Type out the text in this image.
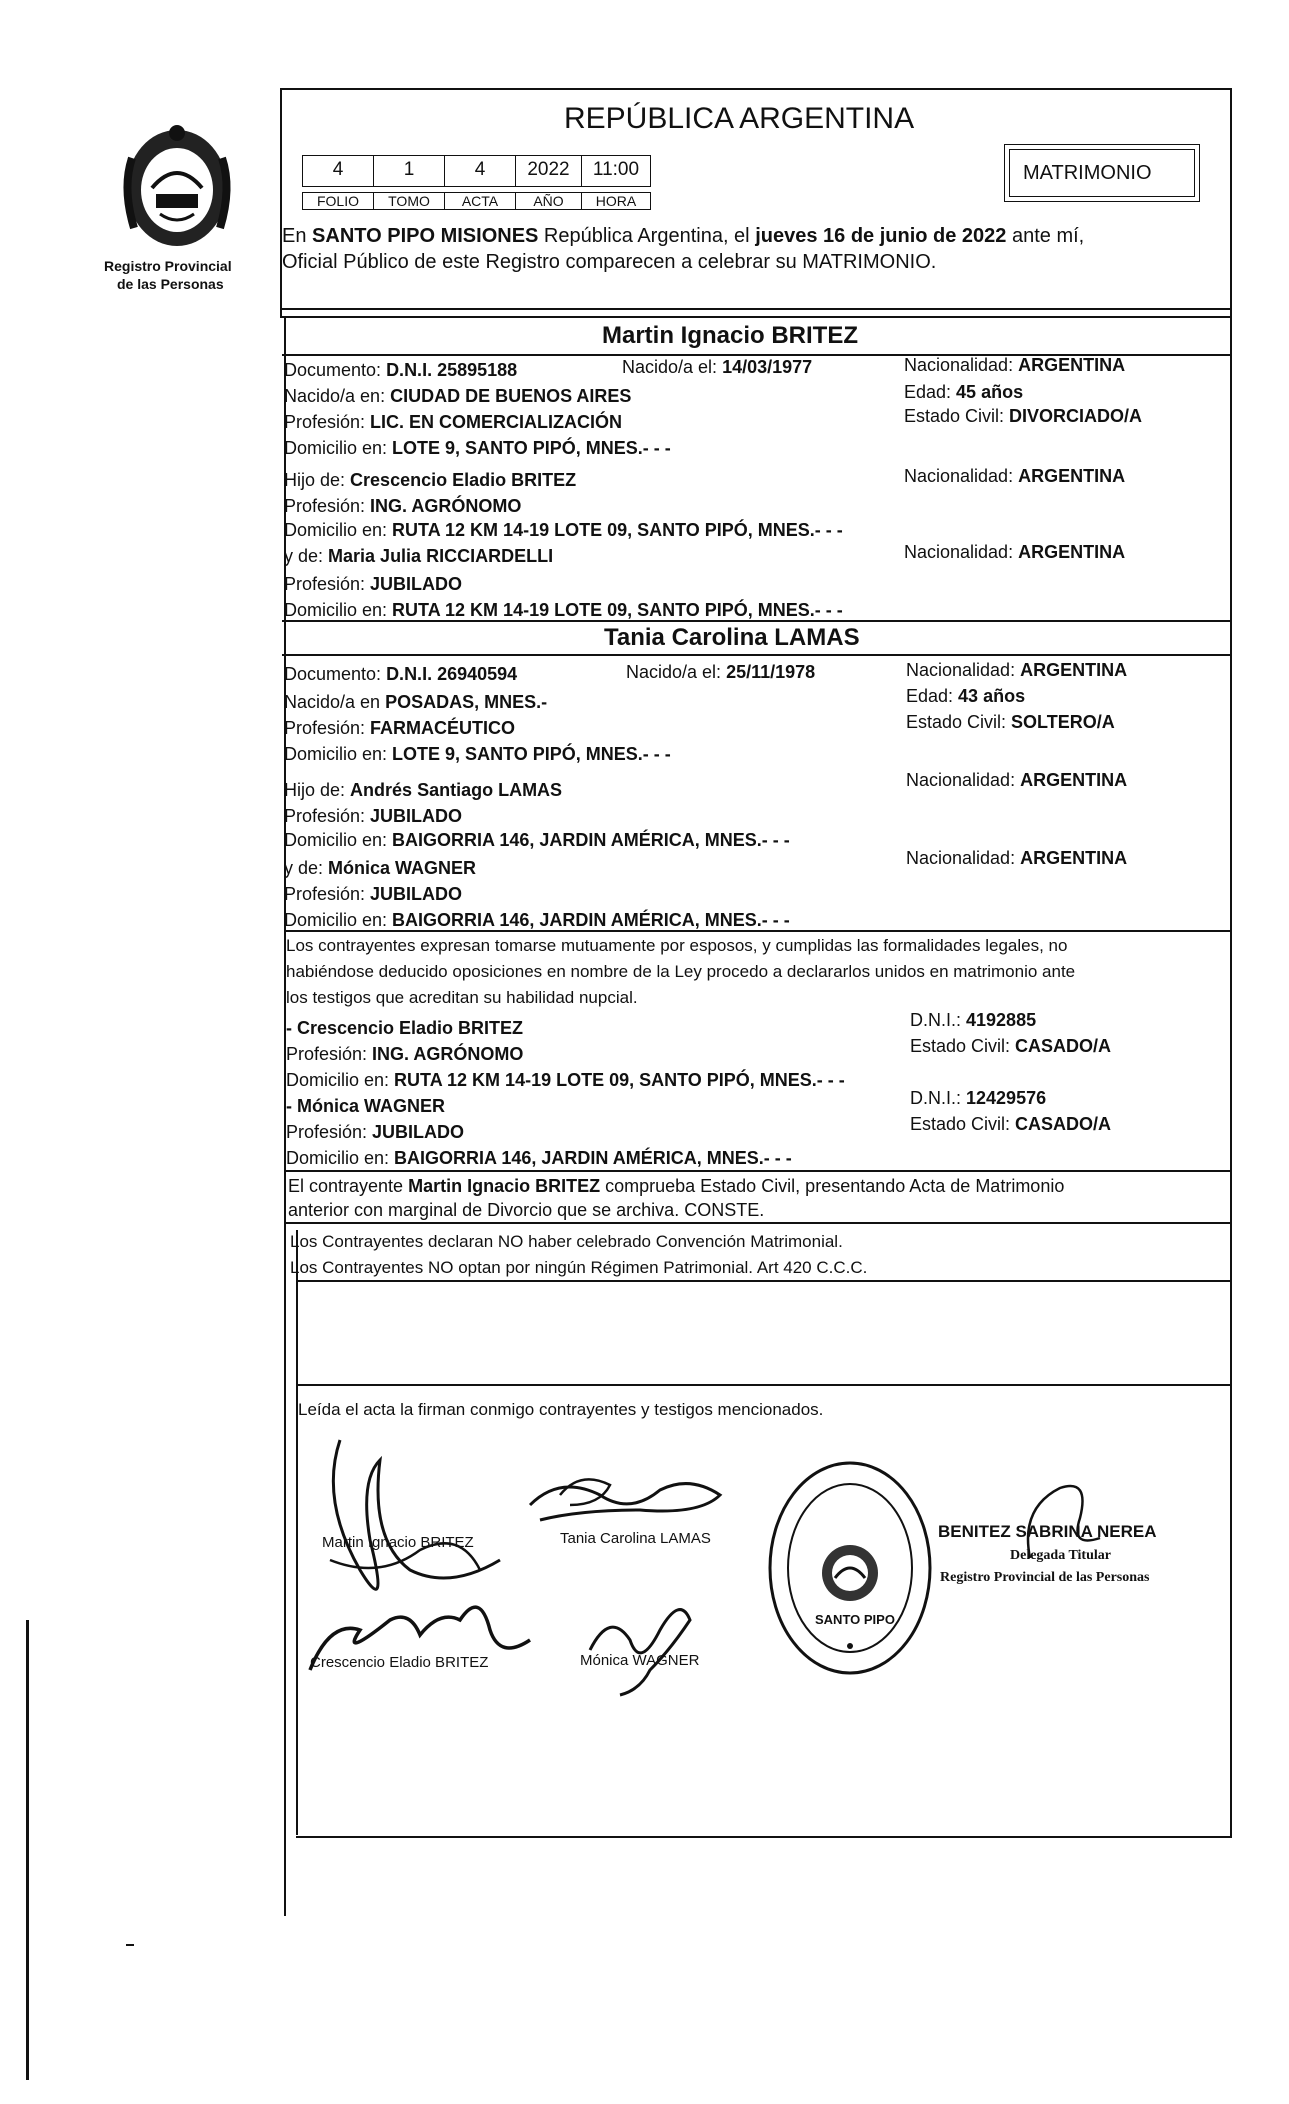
Registro Provincial
de las Personas
REPÚBLICA ARGENTINA
MATRIMONIO
4	1	4	2022	11:00
FOLIO	TOMO	ACTA	AÑO	HORA
En SANTO PIPO MISIONES República Argentina, el jueves 16 de junio de 2022 ante mí,
Oficial Público de este Registro comparecen a celebrar su MATRIMONIO.
Martin Ignacio BRITEZ
Documento: D.N.I. 25895188	Nacido/a el: 14/03/1977	Nacionalidad: ARGENTINA
Nacido/a en: CIUDAD DE BUENOS AIRES	Edad: 45 años
Profesión: LIC. EN COMERCIALIZACIÓN	Estado Civil: DIVORCIADO/A
Domicilio en: LOTE 9, SANTO PIPÓ, MNES.- - -
Hijo de: Crescencio Eladio BRITEZ	Nacionalidad: ARGENTINA
Profesión: ING. AGRÓNOMO
Domicilio en: RUTA 12 KM 14-19 LOTE 09, SANTO PIPÓ, MNES.- - -
y de: Maria Julia RICCIARDELLI	Nacionalidad: ARGENTINA
Profesión: JUBILADO
Domicilio en: RUTA 12 KM 14-19 LOTE 09, SANTO PIPÓ, MNES.- - -
Tania Carolina LAMAS
Documento: D.N.I. 26940594	Nacido/a el: 25/11/1978	Nacionalidad: ARGENTINA
Nacido/a en POSADAS, MNES.-	Edad: 43 años
Profesión: FARMACÉUTICO	Estado Civil: SOLTERO/A
Domicilio en: LOTE 9, SANTO PIPÓ, MNES.- - -
Hijo de: Andrés Santiago LAMAS	Nacionalidad: ARGENTINA
Profesión: JUBILADO
Domicilio en: BAIGORRIA 146, JARDIN AMÉRICA, MNES.- - -
y de: Mónica WAGNER	Nacionalidad: ARGENTINA
Profesión: JUBILADO
Domicilio en: BAIGORRIA 146, JARDIN AMÉRICA, MNES.- - -
Los contrayentes expresan tomarse mutuamente por esposos, y cumplidas las formalidades legales, no
habiéndose deducido oposiciones en nombre de la Ley procedo a declararlos unidos en matrimonio ante
los testigos que acreditan su habilidad nupcial.
- Crescencio Eladio BRITEZ	D.N.I.: 4192885
Profesión: ING. AGRÓNOMO	Estado Civil: CASADO/A
Domicilio en: RUTA 12 KM 14-19 LOTE 09, SANTO PIPÓ, MNES.- - -
- Mónica WAGNER	D.N.I.: 12429576
Profesión: JUBILADO	Estado Civil: CASADO/A
Domicilio en: BAIGORRIA 146, JARDIN AMÉRICA, MNES.- - -
El contrayente Martin Ignacio BRITEZ comprueba Estado Civil, presentando Acta de Matrimonio
anterior con marginal de Divorcio que se archiva. CONSTE.
Los Contrayentes declaran NO haber celebrado Convención Matrimonial.
Los Contrayentes NO optan por ningún Régimen Patrimonial. Art 420 C.C.C.
Leída el acta la firman conmigo contrayentes y testigos mencionados.
Martin Ignacio BRITEZ	Tania Carolina LAMAS
Crescencio Eladio BRITEZ	Mónica WAGNER
SANTO PIPO
BENITEZ SABRINA NEREA
Delegada Titular
Registro Provincial de las Personas
